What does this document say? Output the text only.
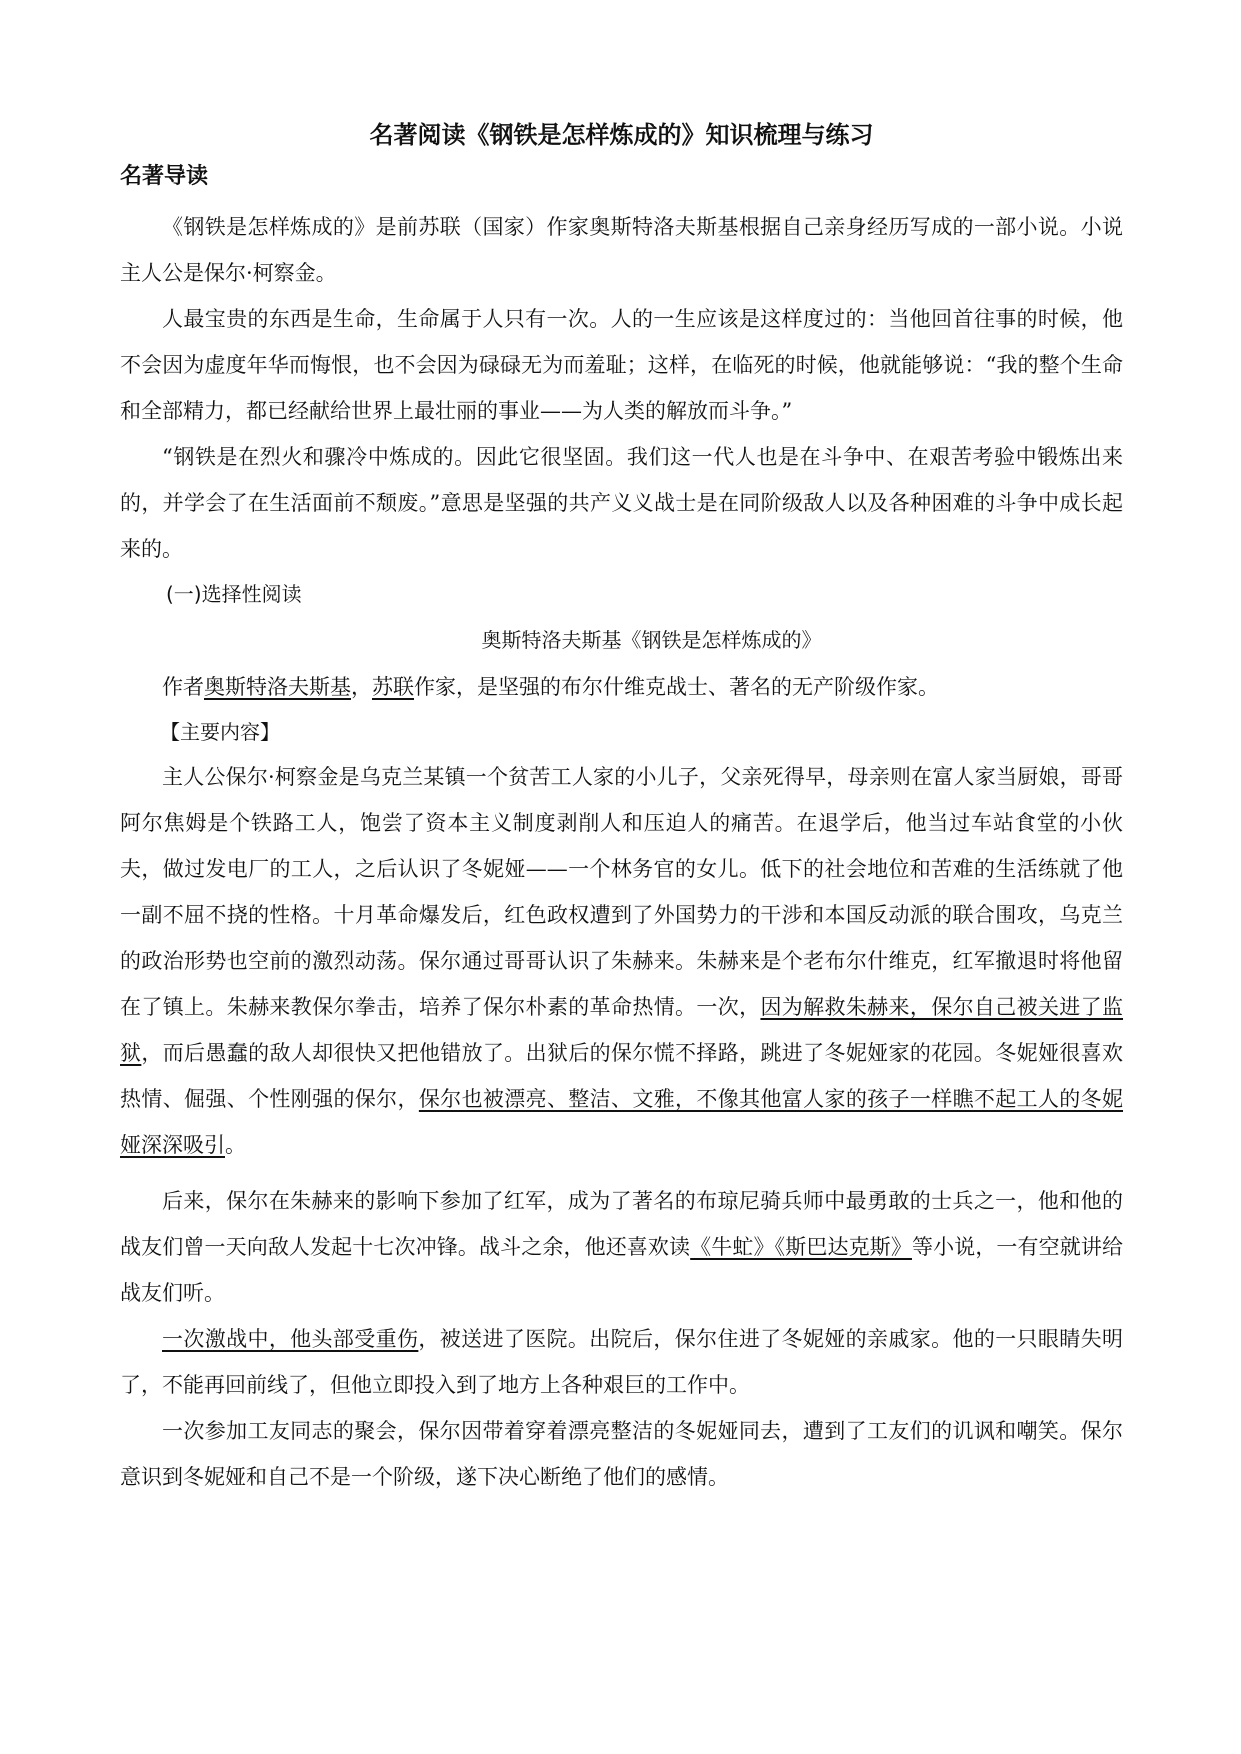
名著阅读《钢铁是怎样炼成的》知识梳理与练习
名著导读

《钢铁是怎样炼成的》是前苏联（国家）作家奥斯特洛夫斯基根据自己亲身经历写成的一部小说。小说主人公是保尔·柯察金。

人最宝贵的东西是生命，生命属于人只有一次。人的一生应该是这样度过的：当他回首往事的时候，他不会因为虚度年华而悔恨，也不会因为碌碌无为而羞耻；这样，在临死的时候，他就能够说：“我的整个生命和全部精力，都已经献给世界上最壮丽的事业——为人类的解放而斗争。”

“钢铁是在烈火和骤冷中炼成的。因此它很坚固。我们这一代人也是在斗争中、在艰苦考验中锻炼出来的，并学会了在生活面前不颓废。”意思是坚强的共产义义战士是在同阶级敌人以及各种困难的斗争中成长起来的。

(一)选择性阅读
奥斯特洛夫斯基《钢铁是怎样炼成的》

作者奥斯特洛夫斯基，苏联作家，是坚强的布尔什维克战士、著名的无产阶级作家。

【主要内容】

主人公保尔·柯察金是乌克兰某镇一个贫苦工人家的小儿子，父亲死得早，母亲则在富人家当厨娘，哥哥阿尔焦姆是个铁路工人，饱尝了资本主义制度剥削人和压迫人的痛苦。在退学后，他当过车站食堂的小伙夫，做过发电厂的工人，之后认识了冬妮娅——一个林务官的女儿。低下的社会地位和苦难的生活练就了他一副不屈不挠的性格。十月革命爆发后，红色政权遭到了外国势力的干涉和本国反动派的联合围攻，乌克兰的政治形势也空前的激烈动荡。保尔通过哥哥认识了朱赫来。朱赫来是个老布尔什维克，红军撤退时将他留在了镇上。朱赫来教保尔拳击，培养了保尔朴素的革命热情。一次，因为解救朱赫来，保尔自己被关进了监狱，而后愚蠢的敌人却很快又把他错放了。出狱后的保尔慌不择路，跳进了冬妮娅家的花园。冬妮娅很喜欢热情、倔强、个性刚强的保尔，保尔也被漂亮、整洁、文雅，不像其他富人家的孩子一样瞧不起工人的冬妮娅深深吸引。

后来，保尔在朱赫来的影响下参加了红军，成为了著名的布琼尼骑兵师中最勇敢的士兵之一，他和他的战友们曾一天向敌人发起十七次冲锋。战斗之余，他还喜欢读《牛虻》《斯巴达克斯》等小说，一有空就讲给战友们听。

一次激战中，他头部受重伤，被送进了医院。出院后，保尔住进了冬妮娅的亲戚家。他的一只眼睛失明了，不能再回前线了，但他立即投入到了地方上各种艰巨的工作中。

一次参加工友同志的聚会，保尔因带着穿着漂亮整洁的冬妮娅同去，遭到了工友们的讥讽和嘲笑。保尔意识到冬妮娅和自己不是一个阶级，遂下决心断绝了他们的感情。
